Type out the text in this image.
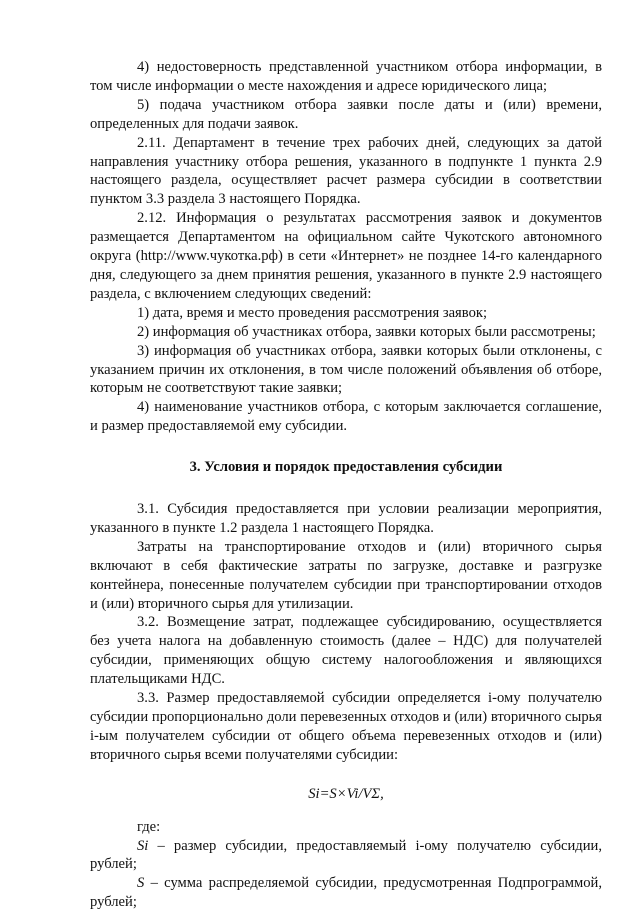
4) недостоверность представленной участником отбора информации, в том числе информации о месте нахождения и адресе юридического лица;

5) подача участником отбора заявки после даты и (или) времени, определенных для подачи заявок.

2.11. Департамент в течение трех рабочих дней, следующих за датой направления участнику отбора решения, указанного в подпункте 1 пункта 2.9 настоящего раздела, осуществляет расчет размера субсидии в соответствии пунктом 3.3 раздела 3 настоящего Порядка.

2.12. Информация о результатах рассмотрения заявок и документов размещается Департаментом на официальном сайте Чукотского автономного округа (http://www.чукотка.рф) в сети «Интернет» не позднее 14-го календарного дня, следующего за днем принятия решения, указанного в пункте 2.9 настоящего раздела, с включением следующих сведений:

1) дата, время и место проведения рассмотрения заявок;

2) информация об участниках отбора, заявки которых были рассмотрены;

3) информация об участниках отбора, заявки которых были отклонены, с указанием причин их отклонения, в том числе положений объявления об отборе, которым не соответствуют такие заявки;

4) наименование участников отбора, с которым заключается соглашение, и размер предоставляемой ему субсидии.

3. Условия и порядок предоставления субсидии

3.1. Субсидия предоставляется при условии реализации мероприятия, указанного в пункте 1.2 раздела 1 настоящего Порядка.

Затраты на транспортирование отходов и (или) вторичного сырья включают в себя фактические затраты по загрузке, доставке и разгрузке контейнера, понесенные получателем субсидии при транспортировании отходов и (или) вторичного сырья для утилизации.

3.2. Возмещение затрат, подлежащее субсидированию, осуществляется без учета налога на добавленную стоимость (далее – НДС) для получателей субсидии, применяющих общую систему налогообложения и являющихся плательщиками НДС.

3.3. Размер предоставляемой субсидии определяется i-ому получателю субсидии пропорционально доли перевезенных отходов и (или) вторичного сырья i-ым получателем субсидии от общего объема перевезенных отходов и (или) вторичного сырья всеми получателями субсидии:

Si=S×Vi/VΣ,

где:

Si – размер субсидии, предоставляемый i-ому получателю субсидии, рублей;

S – сумма распределяемой субсидии, предусмотренная Подпрограммой, рублей;
